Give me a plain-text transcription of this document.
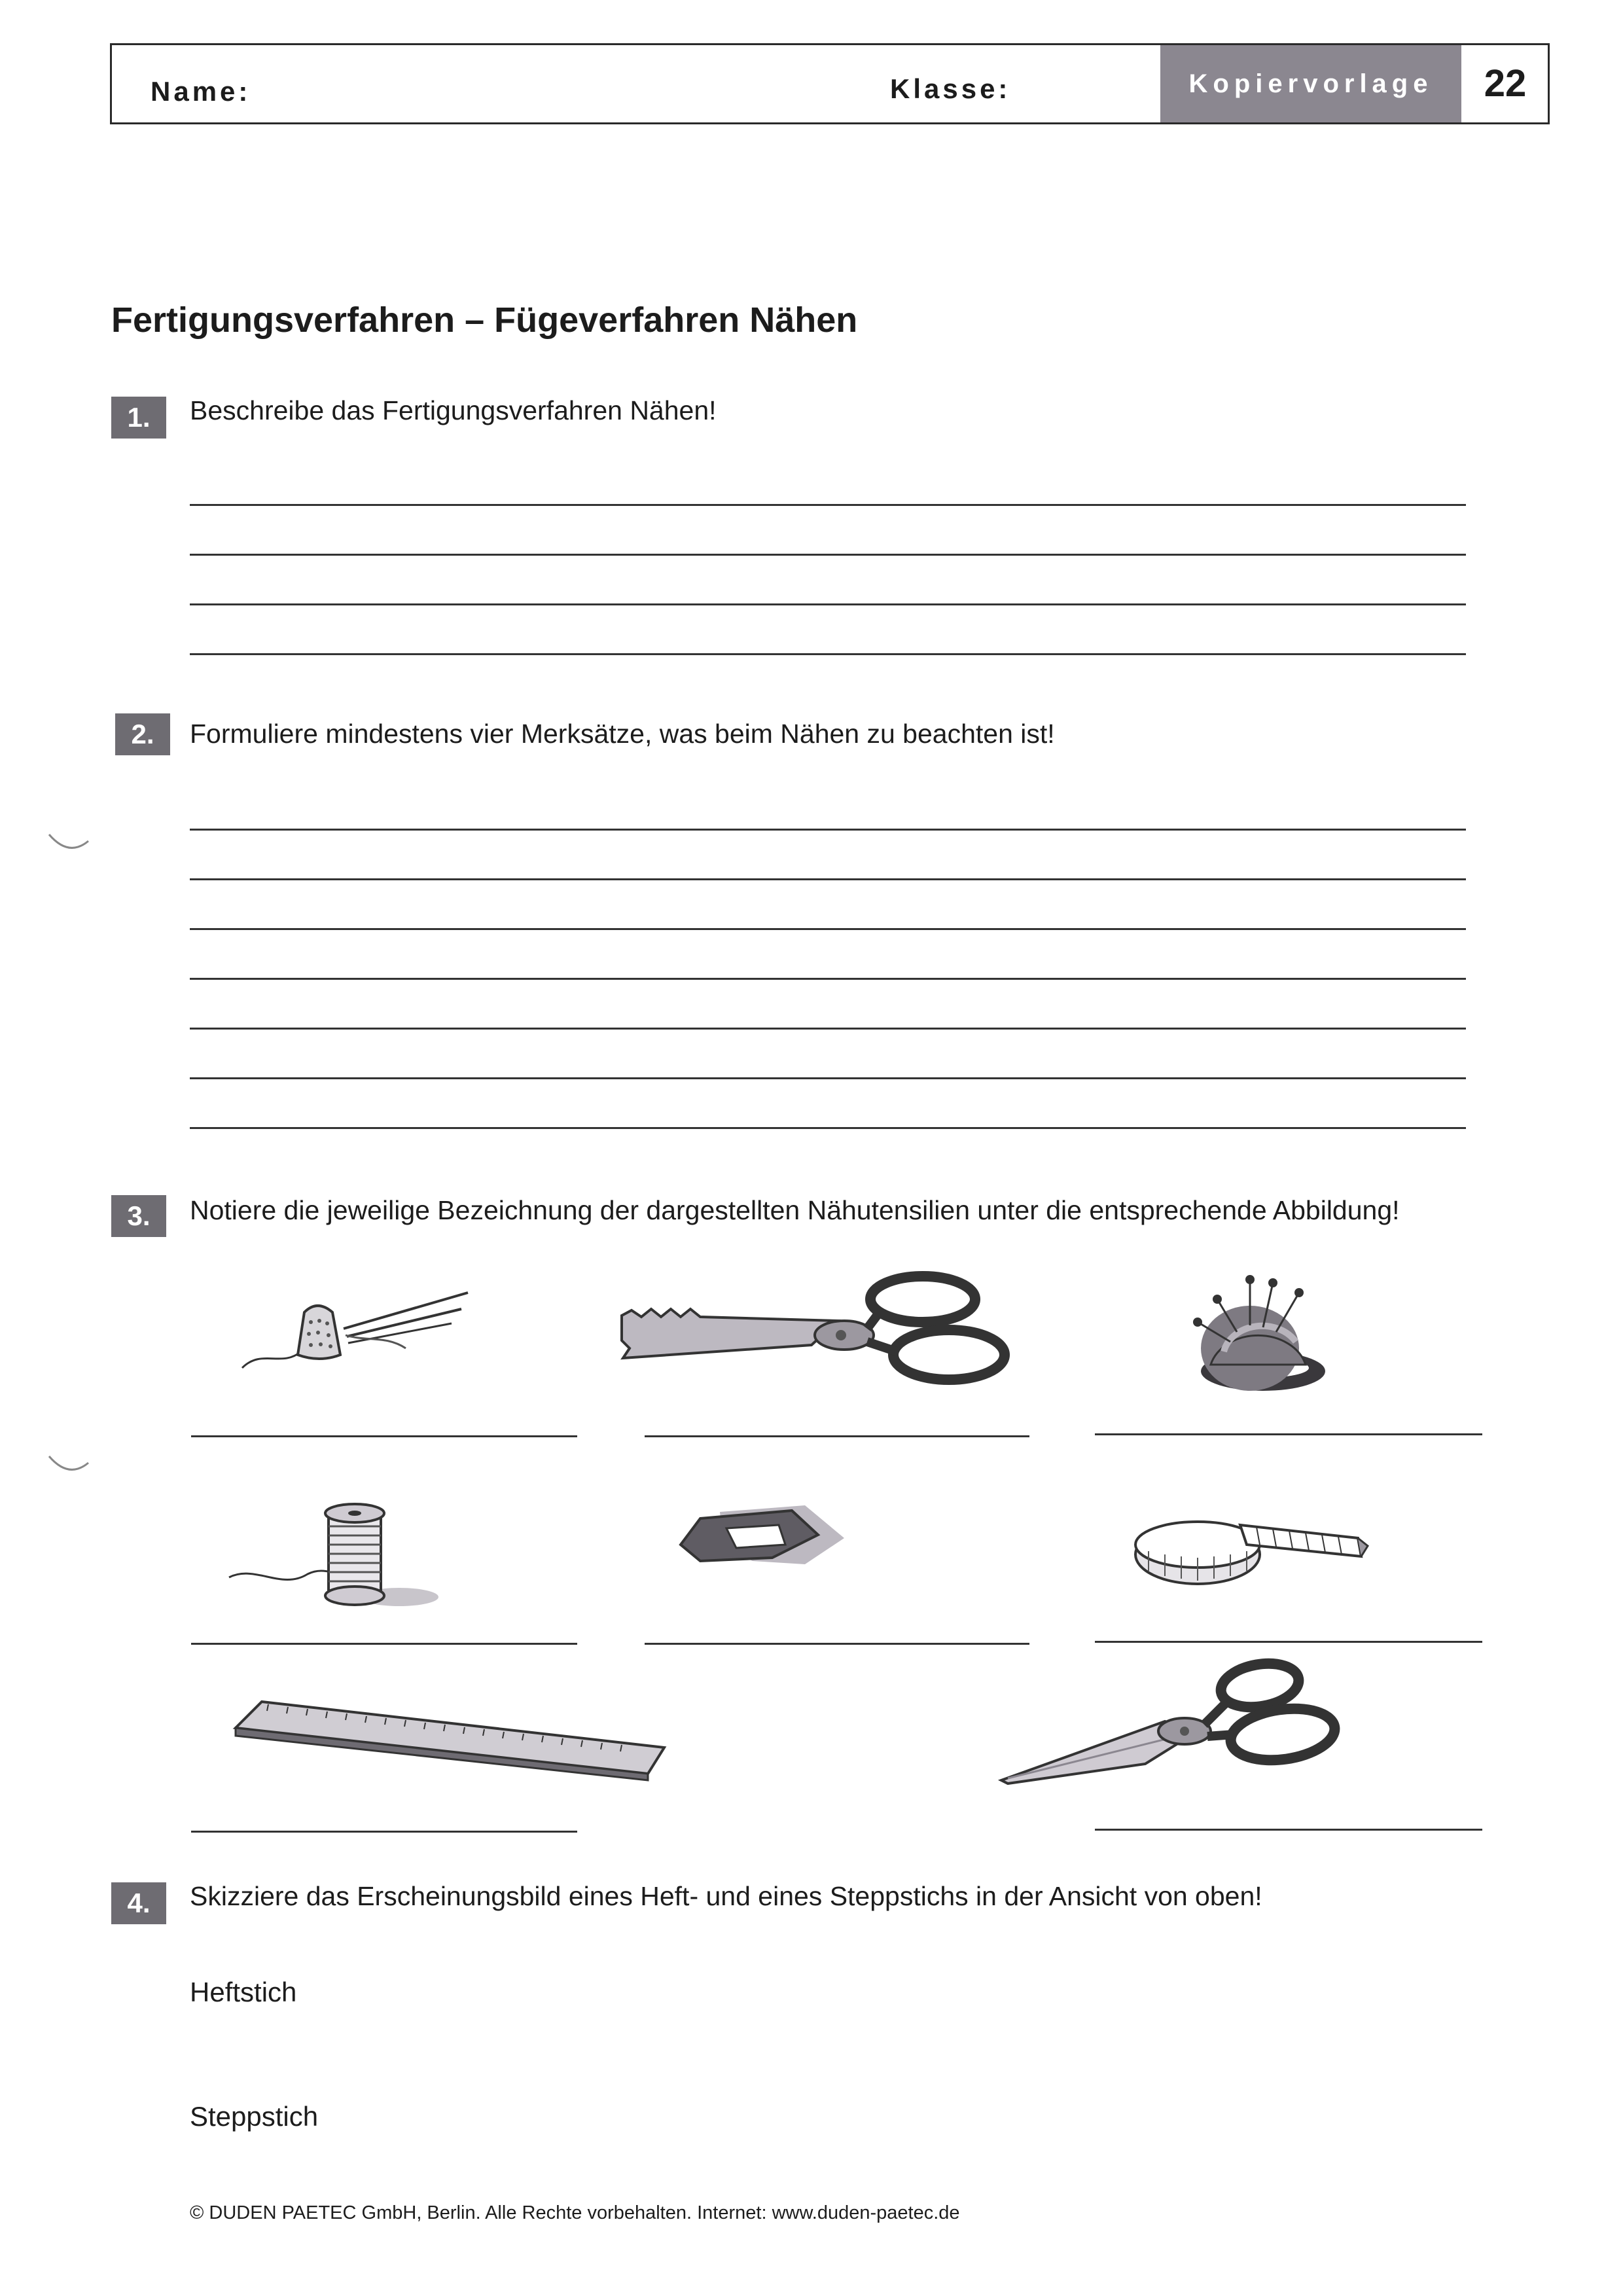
Name:	Klasse:	Kopiervorlage	22
Fertigungsverfahren – Fügeverfahren Nähen
1.	Beschreibe das Fertigungsverfahren Nähen!
2.	Formuliere mindestens vier Merksätze, was beim Nähen zu beachten ist!
3.	Notiere die jeweilige Bezeichnung der dargestellten Nähutensilien unter die entsprechende Abbildung!
4.	Skizziere das Erscheinungsbild eines Heft- und eines Steppstichs in der Ansicht von oben!
Heftstich
Steppstich
© DUDEN PAETEC GmbH, Berlin. Alle Rechte vorbehalten. Internet: www.duden-paetec.de
